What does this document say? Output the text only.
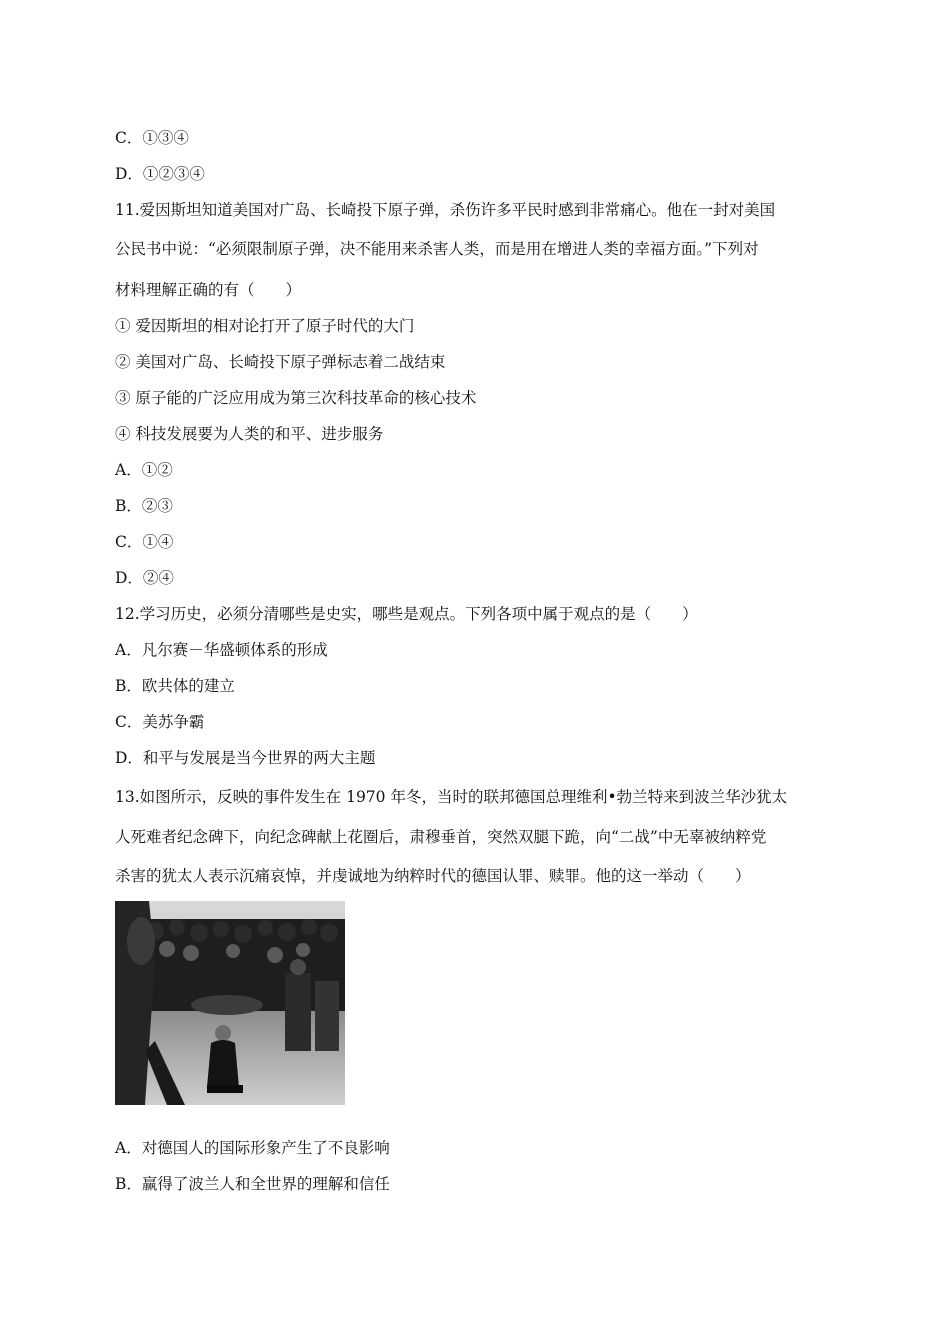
C．①③④
D．①②③④
11.爱因斯坦知道美国对广岛、长崎投下原子弹，杀伤许多平民时感到非常痛心。他在一封对美国
公民书中说：“必须限制原子弹，决不能用来杀害人类，而是用在增进人类的幸福方面。”下列对
材料理解正确的有（　　）
① 爱因斯坦的相对论打开了原子时代的大门
② 美国对广岛、长崎投下原子弹标志着二战结束
③ 原子能的广泛应用成为第三次科技革命的核心技术
④ 科技发展要为人类的和平、进步服务
A．①②
B．②③
C．①④
D．②④
12.学习历史，必须分清哪些是史实，哪些是观点。下列各项中属于观点的是（　　）
A．凡尔赛－华盛顿体系的形成
B．欧共体的建立
C．美苏争霸
D．和平与发展是当今世界的两大主题
13.如图所示，反映的事件发生在 1970 年冬，当时的联邦德国总理维利•勃兰特来到波兰华沙犹太
人死难者纪念碑下，向纪念碑献上花圈后，肃穆垂首，突然双腿下跪，向“二战”中无辜被纳粹党
杀害的犹太人表示沉痛哀悼，并虔诚地为纳粹时代的德国认罪、赎罪。他的这一举动（　　）
A．对德国人的国际形象产生了不良影响
B．赢得了波兰人和全世界的理解和信任
